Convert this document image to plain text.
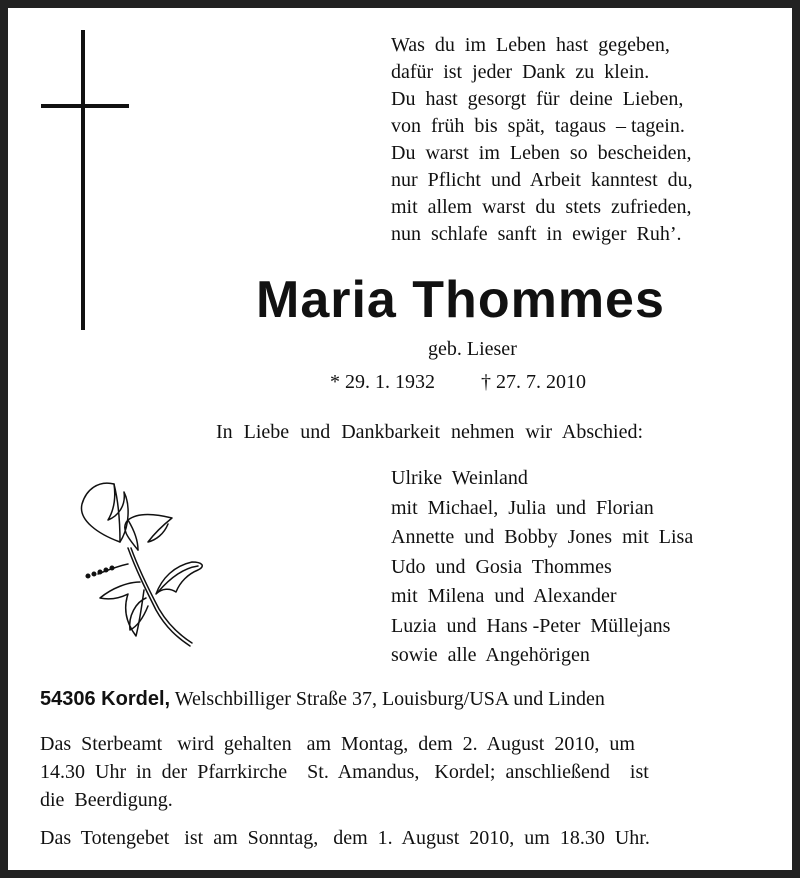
Was  du  im  Leben  hast  gegeben,
dafür  ist  jeder  Dank  zu  klein.
Du  hast  gesorgt  für  deine  Lieben,
von  früh  bis  spät,  tagaus  – tagein.
Du  warst  im  Leben  so  bescheiden,
nur  Pflicht  und  Arbeit  kanntest  du,
mit  allem  warst  du  stets  zufrieden,
nun  schlafe  sanft  in  ewiger  Ruh’.
Maria Thommes
geb. Lieser
* 29. 1. 1932 † 27. 7. 2010
In Liebe und Dankbarkeit nehmen wir Abschied:
Ulrike  Weinland
mit  Michael,  Julia  und  Florian
Annette  und  Bobby  Jones  mit  Lisa
Udo  und  Gosia  Thommes
mit  Milena  und  Alexander
Luzia  und  Hans -Peter  Müllejans
sowie  alle  Angehörigen
54306 Kordel, Welschbilliger Straße 37, Louisburg/USA und Linden
Das  Sterbeamt   wird  gehalten   am  Montag,  dem  2.  August  2010,  um
14.30  Uhr  in  der  Pfarrkirche    St.  Amandus,   Kordel;  anschließend    ist
die  Beerdigung.
Das  Totengebet   ist  am  Sonntag,   dem  1.  August  2010,  um  18.30  Uhr.
